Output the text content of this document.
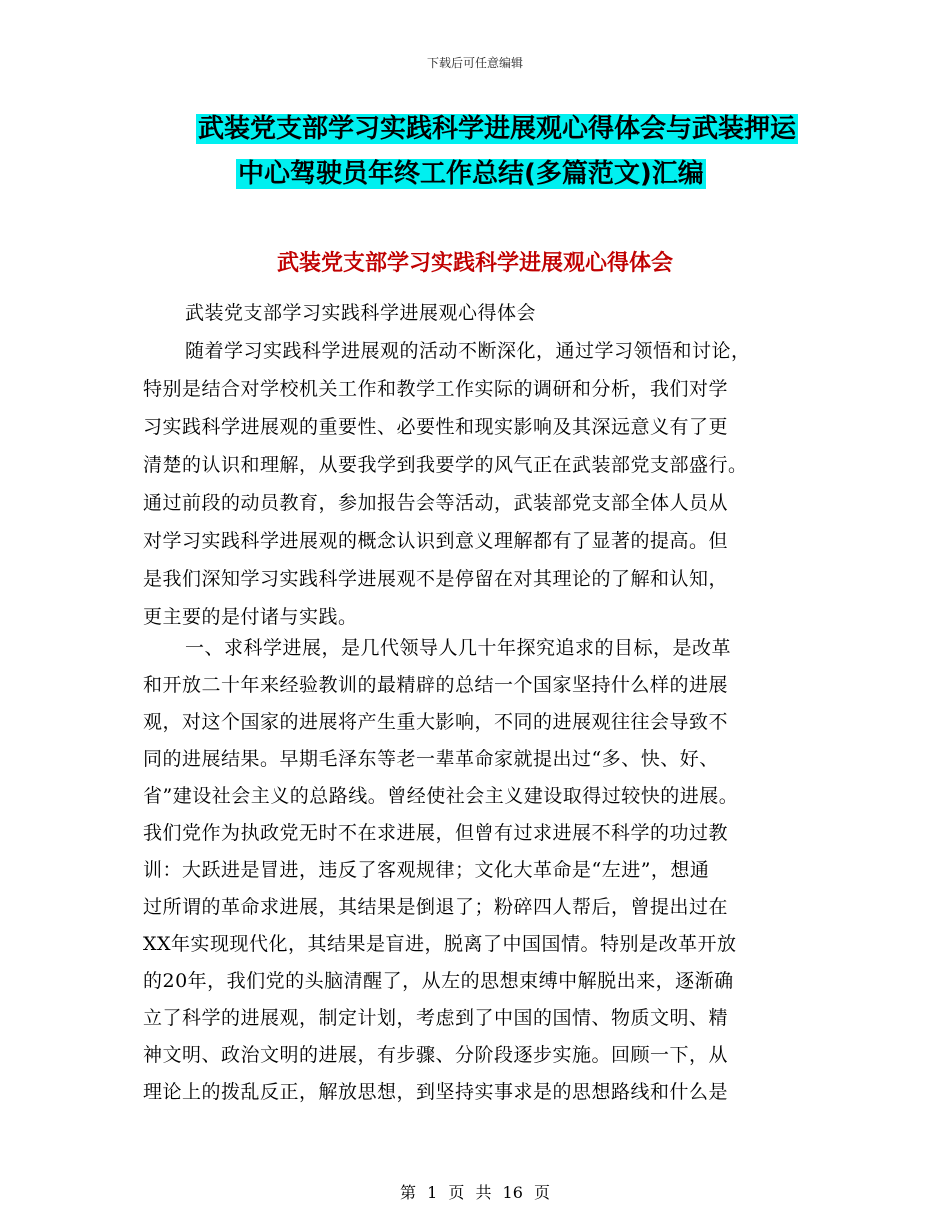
下载后可任意编辑
武装党支部学习实践科学进展观心得体会与武装押运
中心驾驶员年终工作总结(多篇范文)汇编
武装党支部学习实践科学进展观心得体会
武装党支部学习实践科学进展观心得体会
随着学习实践科学进展观的活动不断深化，通过学习领悟和讨论，
特别是结合对学校机关工作和教学工作实际的调研和分析，我们对学
习实践科学进展观的重要性、必要性和现实影响及其深远意义有了更
清楚的认识和理解，从要我学到我要学的风气正在武装部党支部盛行。
通过前段的动员教育，参加报告会等活动，武装部党支部全体人员从
对学习实践科学进展观的概念认识到意义理解都有了显著的提高。但
是我们深知学习实践科学进展观不是停留在对其理论的了解和认知，
更主要的是付诸与实践。
一、求科学进展，是几代领导人几十年探究追求的目标，是改革
和开放二十年来经验教训的最精辟的总结一个国家坚持什么样的进展
观，对这个国家的进展将产生重大影响，不同的进展观往往会导致不
同的进展结果。早期毛泽东等老一辈革命家就提出过“多、快、好、
省”建设社会主义的总路线。曾经使社会主义建设取得过较快的进展。
我们党作为执政党无时不在求进展，但曾有过求进展不科学的功过教
训：大跃进是冒进，违反了客观规律；文化大革命是“左进”，想通
过所谓的革命求进展，其结果是倒退了；粉碎四人帮后，曾提出过在
XX年实现现代化，其结果是盲进，脱离了中国国情。特别是改革开放
的20年，我们党的头脑清醒了，从左的思想束缚中解脱出来，逐渐确
立了科学的进展观，制定计划，考虑到了中国的国情、物质文明、精
神文明、政治文明的进展，有步骤、分阶段逐步实施。回顾一下，从
理论上的拨乱反正，解放思想，到坚持实事求是的思想路线和什么是
第 1 页 共 16 页
